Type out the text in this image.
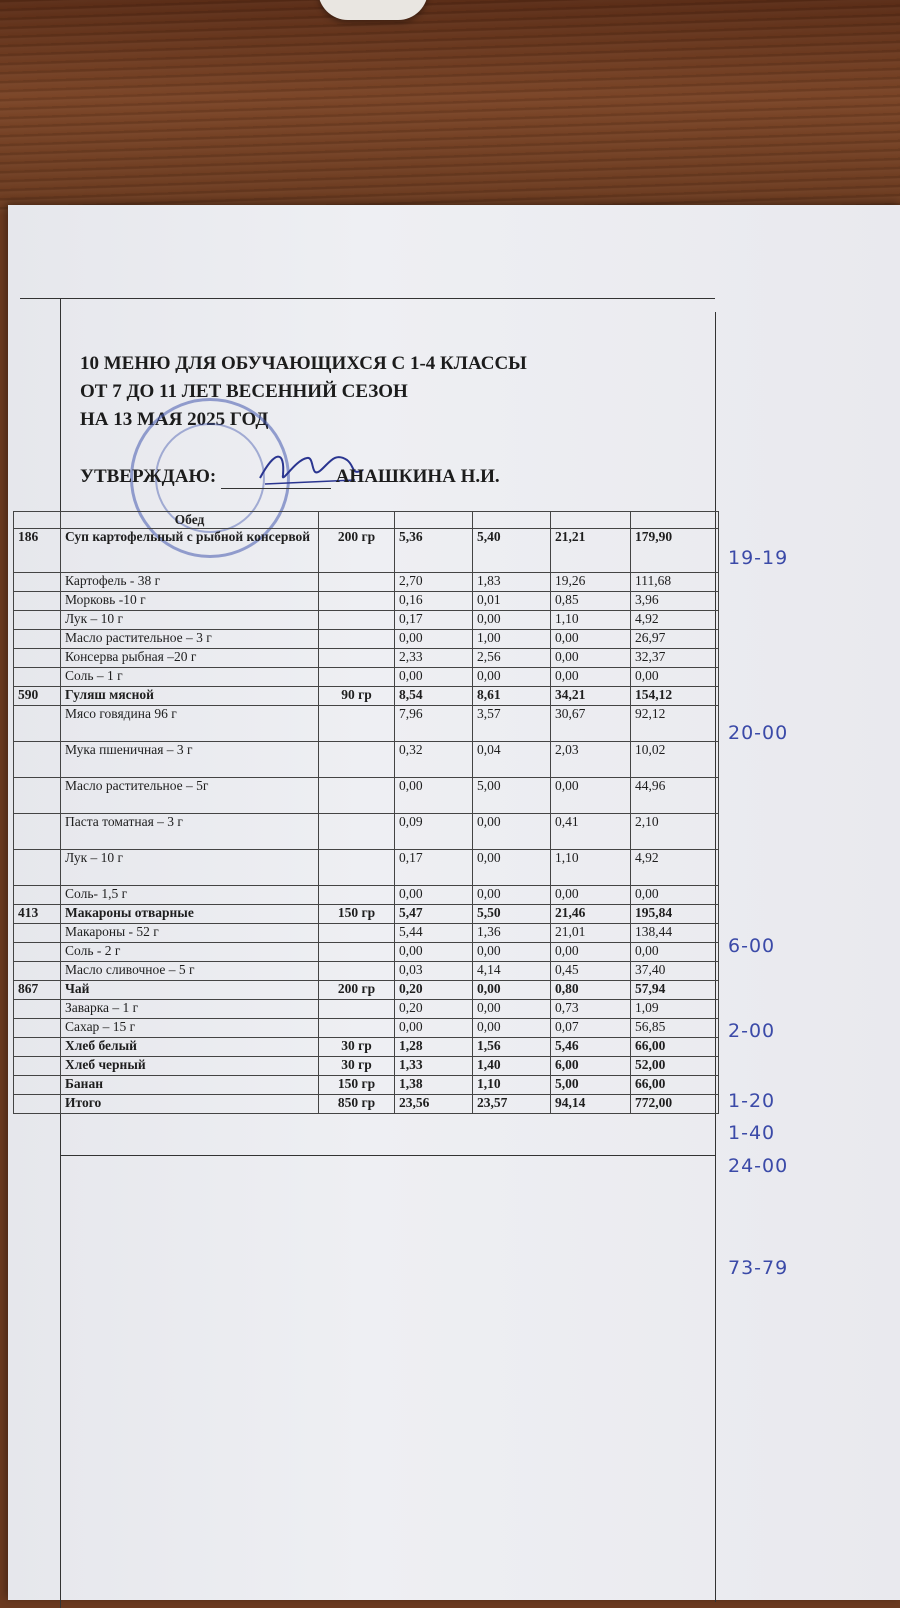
10 МЕНЮ ДЛЯ ОБУЧАЮЩИХСЯ С 1-4 КЛАССЫ
ОТ 7 ДО 11 ЛЕТ ВЕСЕННИЙ СЕЗОН
НА 13 МАЯ 2025 ГОД
УТВЕРЖДАЮ:	АНАШКИНА Н.И.
	Обед					
186	Суп картофельный с рыбной консервой	200 гр	5,36	5,40	21,21	179,90
	Картофель - 38 г		2,70	1,83	19,26	111,68
	Морковь -10 г		0,16	0,01	0,85	3,96
	Лук – 10 г		0,17	0,00	1,10	4,92
	Масло растительное – 3 г		0,00	1,00	0,00	26,97
	Консерва рыбная –20 г		2,33	2,56	0,00	32,37
	Соль – 1 г		0,00	0,00	0,00	0,00
590	Гуляш мясной	90 гр	8,54	8,61	34,21	154,12
	Мясо говядина 96 г		7,96	3,57	30,67	92,12
	Мука пшеничная – 3 г		0,32	0,04	2,03	10,02
	Масло растительное – 5г		0,00	5,00	0,00	44,96
	Паста томатная – 3 г		0,09	0,00	0,41	2,10
	Лук – 10 г		0,17	0,00	1,10	4,92
	Соль- 1,5 г		0,00	0,00	0,00	0,00
413	Макароны отварные	150 гр	5,47	5,50	21,46	195,84
	Макароны - 52 г		5,44	1,36	21,01	138,44
	Соль - 2 г		0,00	0,00	0,00	0,00
	Масло сливочное – 5 г		0,03	4,14	0,45	37,40
867	Чай	200 гр	0,20	0,00	0,80	57,94
	Заварка – 1 г		0,20	0,00	0,73	1,09
	Сахар – 15 г		0,00	0,00	0,07	56,85
	Хлеб белый	30 гр	1,28	1,56	5,46	66,00
	Хлеб черный	30 гр	1,33	1,40	6,00	52,00
	Банан	150 гр	1,38	1,10	5,00	66,00
	Итого	850 гр	23,56	23,57	94,14	772,00
19-19
20-00
6-00
2-00
1-20
1-40
24-00
73-79
